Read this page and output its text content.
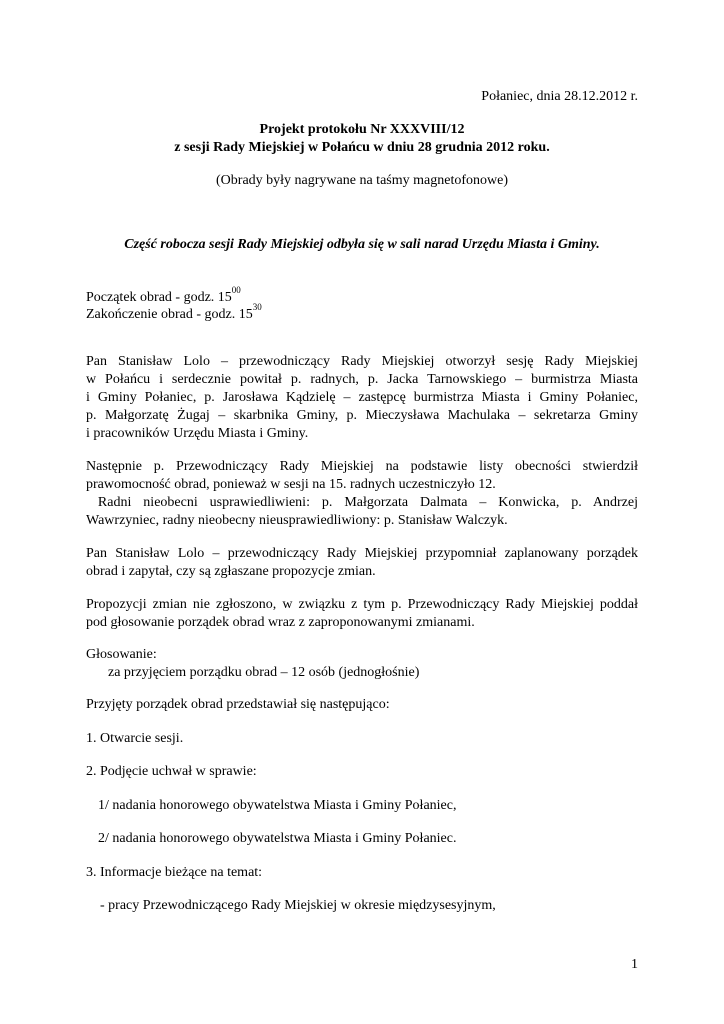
Połaniec, dnia 28.12.2012 r.
Projekt protokołu Nr XXXVIII/12
z sesji Rady Miejskiej w Połańcu w dniu 28 grudnia 2012 roku.
(Obrady były nagrywane na taśmy magnetofonowe)
Część robocza sesji Rady Miejskiej odbyła się w sali narad Urzędu Miasta i Gminy.
Początek obrad - godz. $15^{00}$
Zakończenie obrad - godz. $15^{30}$
Pan Stanisław Lolo – przewodniczący Rady Miejskiej otworzył sesję Rady Miejskiej
w Połańcu i serdecznie powitał p. radnych, p. Jacka Tarnowskiego – burmistrza Miasta
i Gminy Połaniec, p. Jarosława Kądzielę – zastępcę burmistrza Miasta i Gminy Połaniec,
p. Małgorzatę Żugaj – skarbnika Gminy, p. Mieczysława Machulaka – sekretarza Gminy
i pracowników Urzędu Miasta i Gminy.
Następnie p. Przewodniczący Rady Miejskiej na podstawie listy obecności stwierdził
prawomocność obrad, ponieważ w sesji na 15. radnych uczestniczyło 12.
Radni nieobecni usprawiedliwieni: p. Małgorzata Dalmata – Konwicka, p. Andrzej
Wawrzyniec, radny nieobecny nieusprawiedliwiony: p. Stanisław Walczyk.
Pan Stanisław Lolo – przewodniczący Rady Miejskiej przypomniał zaplanowany porządek
obrad i zapytał, czy są zgłaszane propozycje zmian.
Propozycji zmian nie zgłoszono, w związku z tym p. Przewodniczący Rady Miejskiej poddał
pod głosowanie porządek obrad wraz z zaproponowanymi zmianami.
Głosowanie:
za przyjęciem porządku obrad – 12 osób (jednogłośnie)
Przyjęty porządek obrad przedstawiał się następująco:
1. Otwarcie sesji.
2. Podjęcie uchwał w sprawie:
1/ nadania honorowego obywatelstwa Miasta i Gminy Połaniec,
2/ nadania honorowego obywatelstwa Miasta i Gminy Połaniec.
3. Informacje bieżące na temat:
- pracy Przewodniczącego Rady Miejskiej w okresie międzysesyjnym,
1
